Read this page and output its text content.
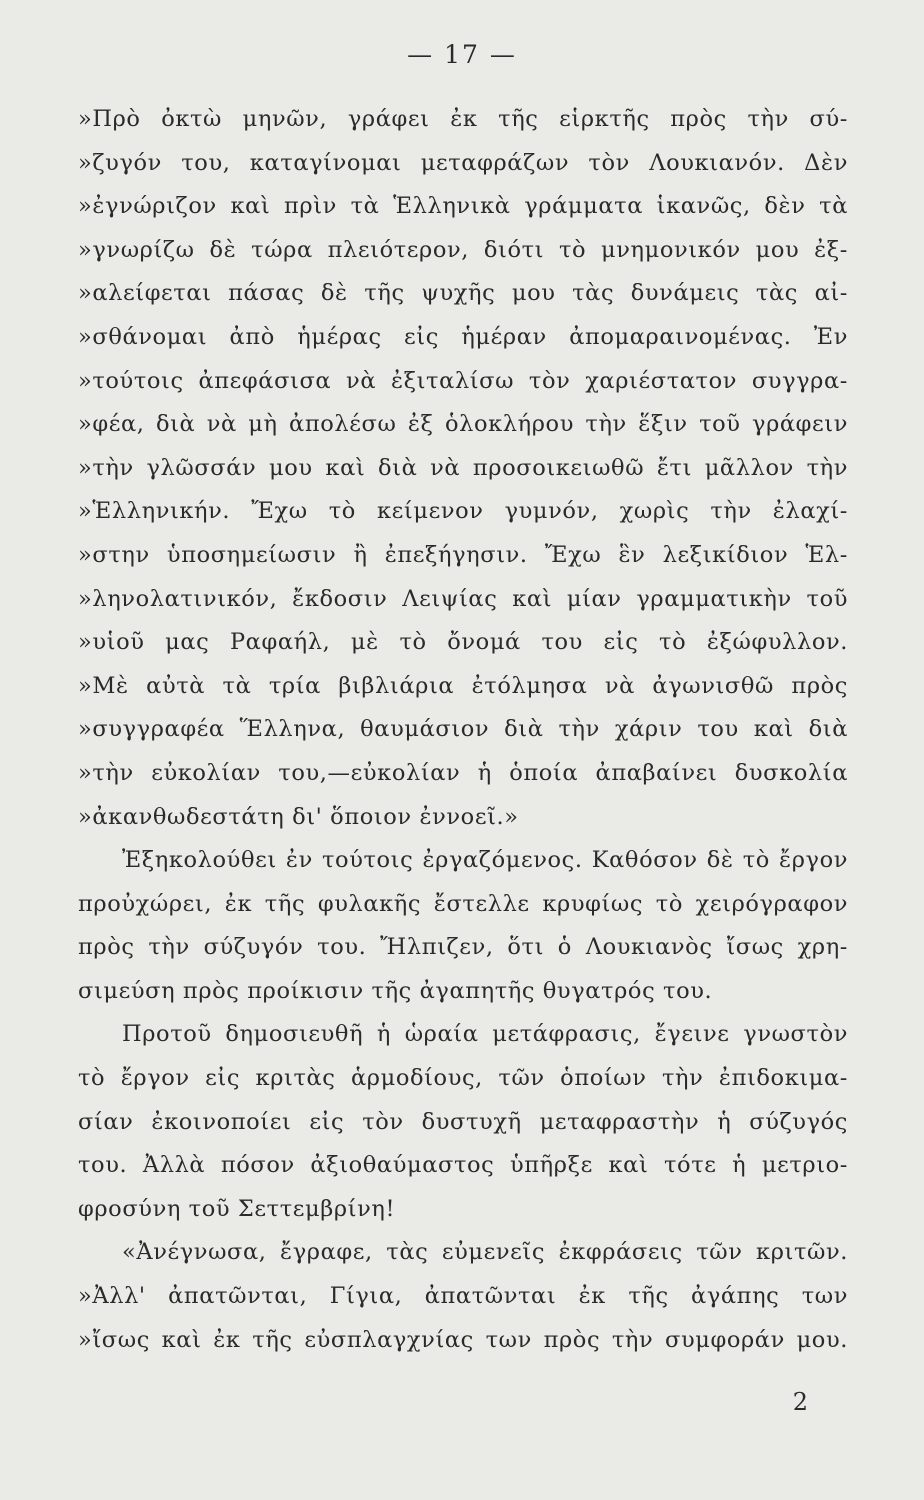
— 17 —
»Πρὸ ὀκτὼ μηνῶν, γράφει ἐκ τῆς εἱρκτῆς πρὸς τὴν σύ-
»ζυγόν του, καταγίνομαι μεταφράζων τὸν Λουκιανόν. Δὲν
»ἐγνώριζον καὶ πρὶν τὰ Ἑλληνικὰ γράμματα ἱκανῶς, δὲν τὰ
»γνωρίζω δὲ τώρα πλειότερον, διότι τὸ μνημονικόν μου ἐξ-
»αλείφεται πάσας δὲ τῆς ψυχῆς μου τὰς δυνάμεις τὰς αἰ-
»σθάνομαι ἀπὸ ἡμέρας εἰς ἡμέραν ἀπομαραινομένας. Ἐν
»τούτοις ἀπεφάσισα νὰ ἐξιταλίσω τὸν χαριέστατον συγγρα-
»φέα, διὰ νὰ μὴ ἀπολέσω ἐξ ὁλοκλήρου τὴν ἕξιν τοῦ γράφειν
»τὴν γλῶσσάν μου καὶ διὰ νὰ προσοικειωθῶ ἔτι μᾶλλον τὴν
»Ἑλληνικήν. Ἔχω τὸ κείμενον γυμνόν, χωρὶς τὴν ἐλαχί-
»στην ὑποσημείωσιν ἢ ἐπεξήγησιν. Ἔχω ἓν λεξικίδιον Ἑλ-
»ληνολατινικόν, ἔκδοσιν Λειψίας καὶ μίαν γραμματικὴν τοῦ
»υἱοῦ μας Ραφαήλ, μὲ τὸ ὄνομά του εἰς τὸ ἐξώφυλλον.
»Μὲ αὐτὰ τὰ τρία βιβλιάρια ἐτόλμησα νὰ ἀγωνισθῶ πρὸς
»συγγραφέα Ἕλληνα, θαυμάσιον διὰ τὴν χάριν του καὶ διὰ
»τὴν εὐκολίαν του,—εὐκολίαν ἡ ὁποία ἀπαβαίνει δυσκολία
»ἀκανθωδεστάτη δι' ὅποιον ἐννοεῖ.»
Ἐξηκολούθει ἐν τούτοις ἐργαζόμενος. Καθόσον δὲ τὸ ἔργον
προὐχώρει, ἐκ τῆς φυλακῆς ἔστελλε κρυφίως τὸ χειρόγραφον
πρὸς τὴν σύζυγόν του. Ἤλπιζεν, ὅτι ὁ Λουκιανὸς ἴσως χρη-
σιμεύση πρὸς προίκισιν τῆς ἀγαπητῆς θυγατρός του.
Προτοῦ δημοσιευθῆ ἡ ὡραία μετάφρασις, ἔγεινε γνωστὸν
τὸ ἔργον εἰς κριτὰς ἁρμοδίους, τῶν ὁποίων τὴν ἐπιδοκιμα-
σίαν ἐκοινοποίει εἰς τὸν δυστυχῆ μεταφραστὴν ἡ σύζυγός
του. Ἀλλὰ πόσον ἀξιοθαύμαστος ὑπῆρξε καὶ τότε ἡ μετριο-
φροσύνη τοῦ Σεττεμβρίνη!
«Ἀνέγνωσα, ἔγραφε, τὰς εὐμενεῖς ἐκφράσεις τῶν κριτῶν.
»Ἀλλ' ἀπατῶνται, Γίγια, ἀπατῶνται ἐκ τῆς ἀγάπης των
»ἴσως καὶ ἐκ τῆς εὐσπλαγχνίας των πρὸς τὴν συμφοράν μου.
2
